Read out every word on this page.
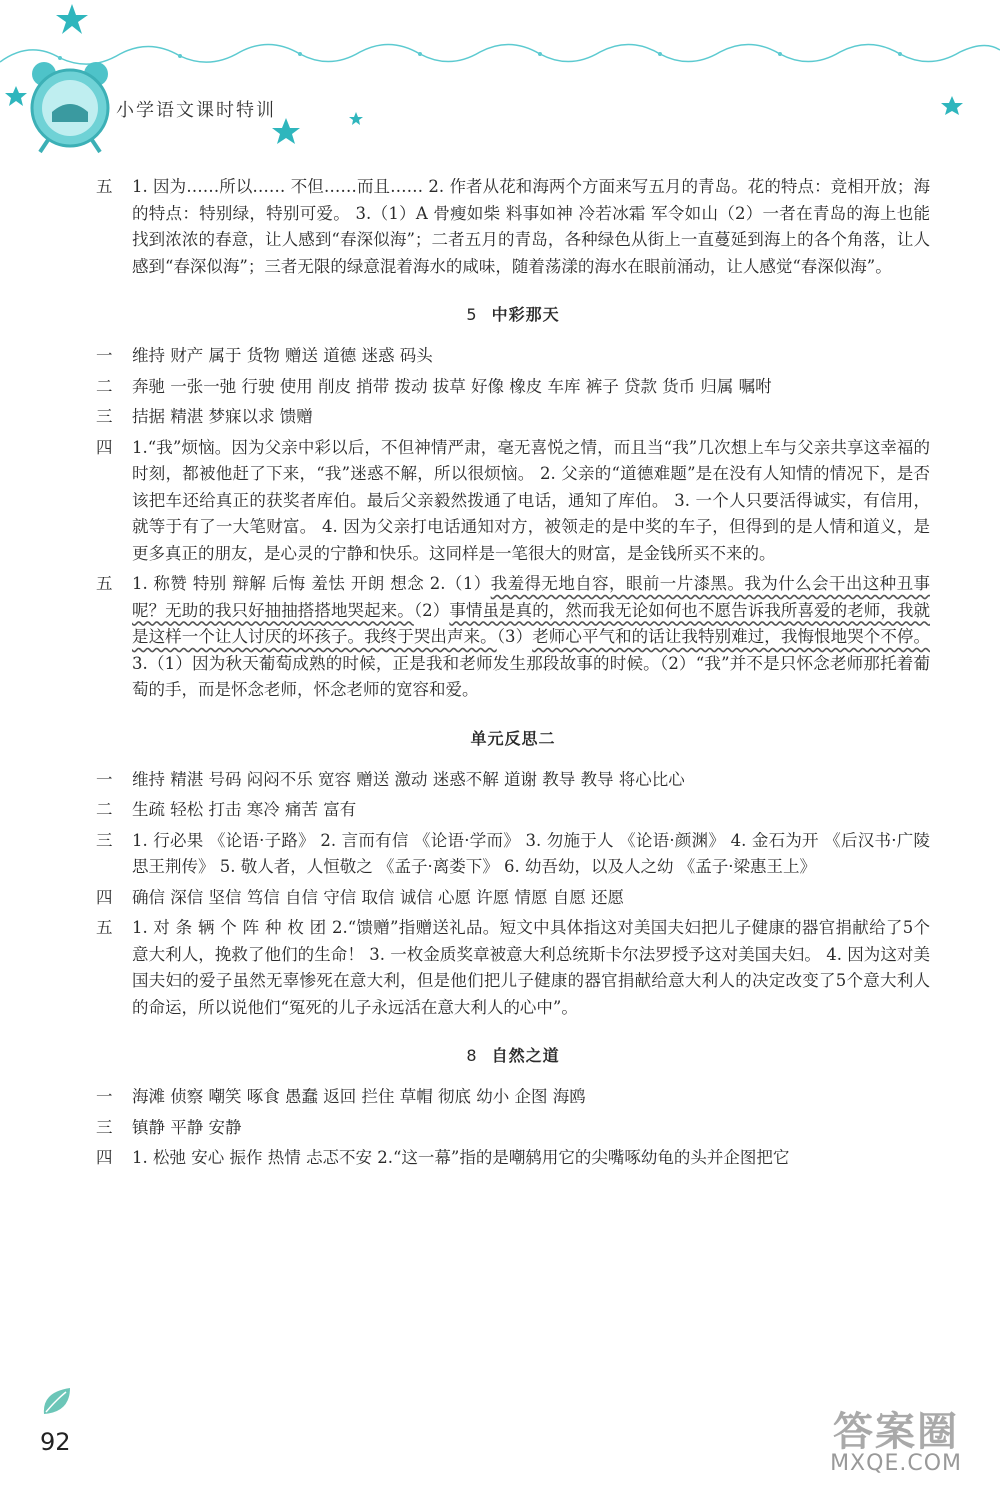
小学语文课时特训
五 1. 因为……所以…… 不但……而且…… 2. 作者从花和海两个方面来写五月的青岛。花的特点：竞相开放；海的特点：特别绿，特别可爱。 3.（1）A 骨瘦如柴 料事如神 冷若冰霜 军令如山（2）一者在青岛的海上也能找到浓浓的春意，让人感到“春深似海”；二者五月的青岛，各种绿色从街上一直蔓延到海上的各个角落，让人感到“春深似海”；三者无限的绿意混着海水的咸味，随着荡漾的海水在眼前涌动，让人感觉“春深似海”。
5 中彩那天
一 维持 财产 属于 货物 赠送 道德 迷惑 码头
二 奔驰 一张一弛 行驶 使用 削皮 捎带 拨动 拔草 好像 橡皮 车库 裤子 贷款 货币 归属 嘱咐
三 拮据 精湛 梦寐以求 馈赠
四 1.“我”烦恼。因为父亲中彩以后，不但神情严肃，毫无喜悦之情，而且当“我”几次想上车与父亲共享这幸福的时刻，都被他赶了下来，“我”迷惑不解，所以很烦恼。 2. 父亲的“道德难题”是在没有人知情的情况下，是否该把车还给真正的获奖者库伯。最后父亲毅然拨通了电话，通知了库伯。 3. 一个人只要活得诚实，有信用，就等于有了一大笔财富。 4. 因为父亲打电话通知对方，被领走的是中奖的车子，但得到的是人情和道义，是更多真正的朋友，是心灵的宁静和快乐。这同样是一笔很大的财富，是金钱所买不来的。
五 1. 称赞 特别 辩解 后悔 羞怯 开朗 想念 2.（1）我羞得无地自容，眼前一片漆黑。我为什么会干出这种丑事呢？无助的我只好抽抽搭搭地哭起来。（2）事情虽是真的，然而我无论如何也不愿告诉我所喜爱的老师，我就是这样一个让人讨厌的坏孩子。我终于哭出声来。（3）老师心平气和的话让我特别难过，我悔恨地哭个不停。 3.（1）因为秋天葡萄成熟的时候，正是我和老师发生那段故事的时候。（2）“我”并不是只怀念老师那托着葡萄的手，而是怀念老师，怀念老师的宽容和爱。
单元反思二
一 维持 精湛 号码 闷闷不乐 宽容 赠送 激动 迷惑不解 道谢 教导 教导 将心比心
二 生疏 轻松 打击 寒冷 痛苦 富有
三 1. 行必果 《论语·子路》 2. 言而有信 《论语·学而》 3. 勿施于人 《论语·颜渊》 4. 金石为开 《后汉书·广陵思王荆传》 5. 敬人者，人恒敬之 《孟子·离娄下》 6. 幼吾幼，以及人之幼 《孟子·梁惠王上》
四 确信 深信 坚信 笃信 自信 守信 取信 诚信 心愿 许愿 情愿 自愿 还愿
五 1. 对 条 辆 个 阵 种 枚 团 2.“馈赠”指赠送礼品。短文中具体指这对美国夫妇把儿子健康的器官捐献给了5个意大利人，挽救了他们的生命！ 3. 一枚金质奖章被意大利总统斯卡尔法罗授予这对美国夫妇。 4. 因为这对美国夫妇的爱子虽然无辜惨死在意大利，但是他们把儿子健康的器官捐献给意大利人的决定改变了5个意大利人的命运，所以说他们“冤死的儿子永远活在意大利人的心中”。
8 自然之道
一 海滩 侦察 嘲笑 啄食 愚蠢 返回 拦住 草帽 彻底 幼小 企图 海鸥
三 镇静 平静 安静
四 1. 松弛 安心 振作 热情 忐忑不安 2.“这一幕”指的是嘲鸫用它的尖嘴啄幼龟的头并企图把它
92	答案圈
MXQE.COM
